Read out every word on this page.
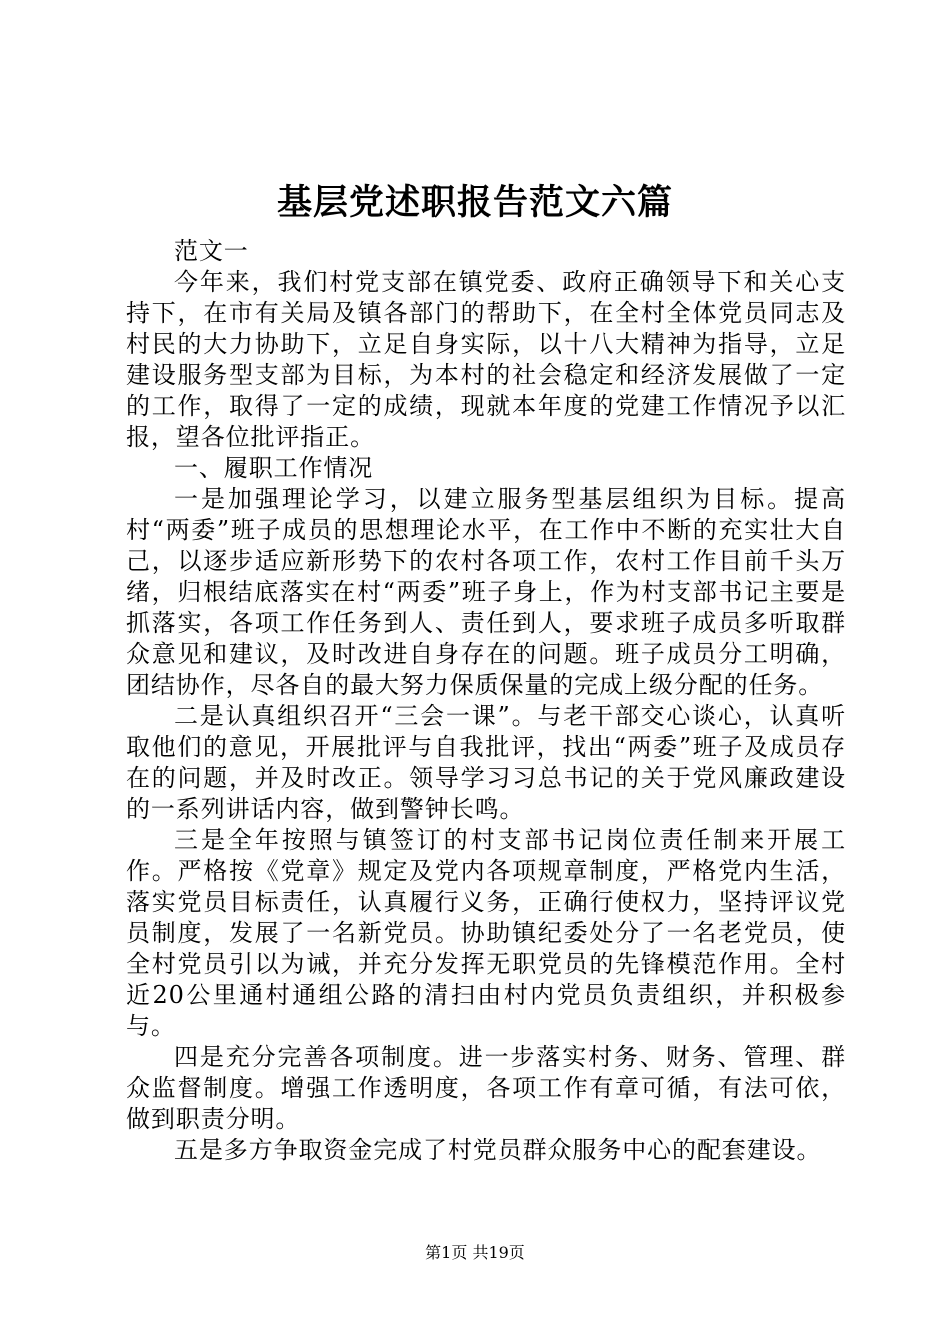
基层党述职报告范文六篇

范文一

今年来，我们村党支部在镇党委、政府正确领导下和关心支持下，在市有关局及镇各部门的帮助下，在全村全体党员同志及村民的大力协助下，立足自身实际，以十八大精神为指导，立足建设服务型支部为目标，为本村的社会稳定和经济发展做了一定的工作，取得了一定的成绩，现就本年度的党建工作情况予以汇报，望各位批评指正。

一、履职工作情况

一是加强理论学习，以建立服务型基层组织为目标。提高村“两委”班子成员的思想理论水平，在工作中不断的充实壮大自己，以逐步适应新形势下的农村各项工作，农村工作目前千头万绪，归根结底落实在村“两委”班子身上，作为村支部书记主要是抓落实，各项工作任务到人、责任到人，要求班子成员多听取群众意见和建议，及时改进自身存在的问题。班子成员分工明确，团结协作，尽各自的最大努力保质保量的完成上级分配的任务。

二是认真组织召开“三会一课”。与老干部交心谈心，认真听取他们的意见，开展批评与自我批评，找出“两委”班子及成员存在的问题，并及时改正。领导学习习总书记的关于党风廉政建设的一系列讲话内容，做到警钟长鸣。

三是全年按照与镇签订的村支部书记岗位责任制来开展工作。严格按《党章》规定及党内各项规章制度，严格党内生活，落实党员目标责任，认真履行义务，正确行使权力，坚持评议党员制度，发展了一名新党员。协助镇纪委处分了一名老党员，使全村党员引以为诫，并充分发挥无职党员的先锋模范作用。全村近20公里通村通组公路的清扫由村内党员负责组织，并积极参与。

四是充分完善各项制度。进一步落实村务、财务、管理、群众监督制度。增强工作透明度，各项工作有章可循，有法可依，做到职责分明。

五是多方争取资金完成了村党员群众服务中心的配套建设。

第1页 共19页
